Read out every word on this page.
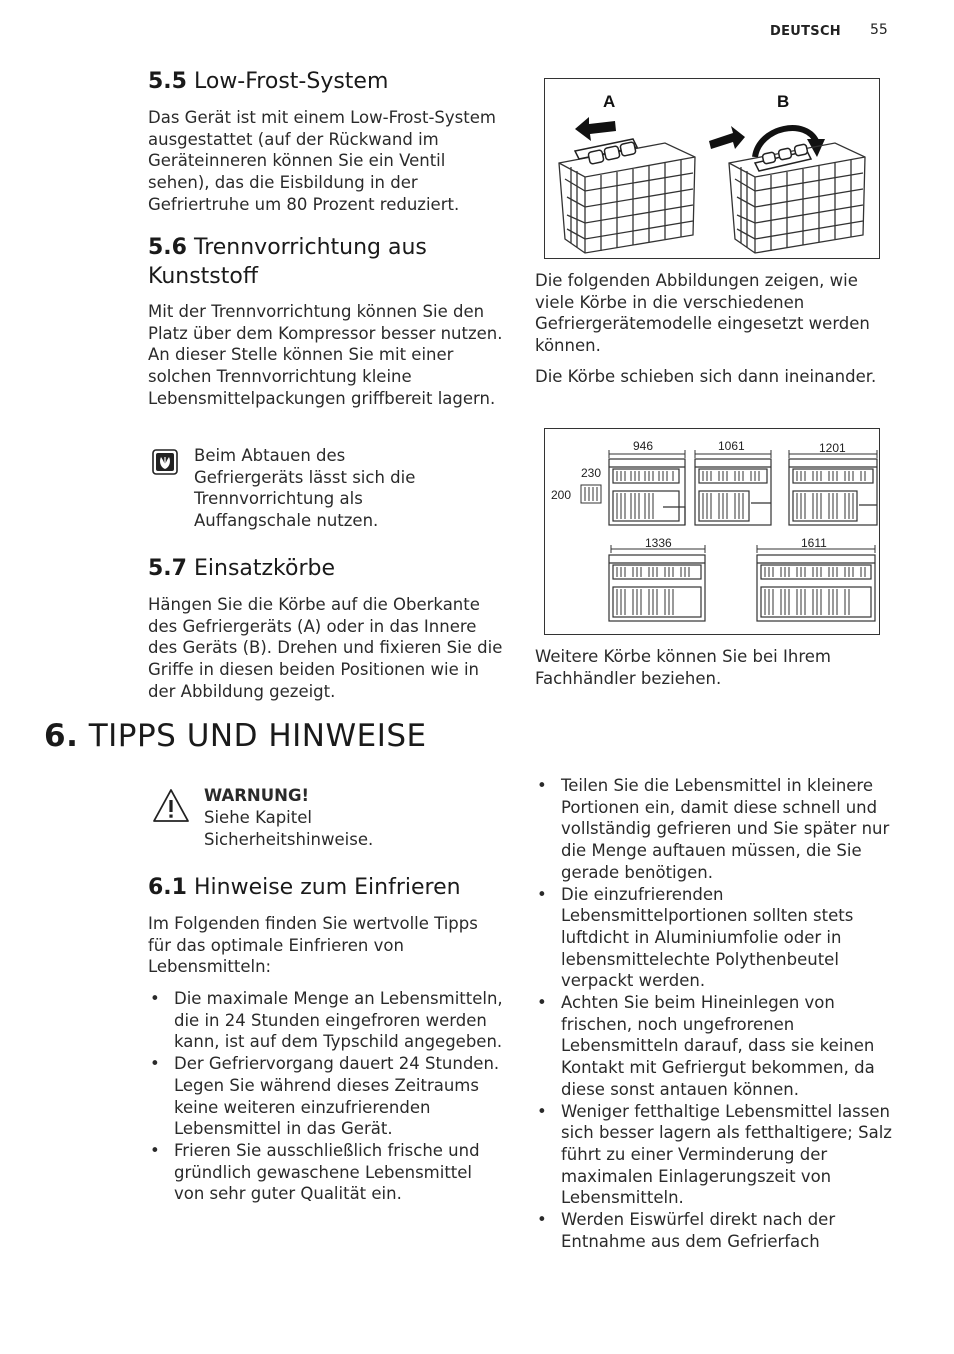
DEUTSCH 55
5.5 Low-Frost-System
Das Gerät ist mit einem Low-Frost-System ausgestattet (auf der Rückwand im Geräteinneren können Sie ein Ventil sehen), das die Eisbildung in der Gefriertruhe um 80 Prozent reduziert.
5.6 Trennvorrichtung aus Kunststoff
Mit der Trennvorrichtung können Sie den Platz über dem Kompressor besser nutzen. An dieser Stelle können Sie mit einer solchen Trennvorrichtung kleine Lebensmittelpackungen griffbereit lagern.
Beim Abtauen des Gefriergeräts lässt sich die Trennvorrichtung als Auffangschale nutzen.
5.7 Einsatzkörbe
Hängen Sie die Körbe auf die Oberkante des Gefriergeräts (A) oder in das Innere des Geräts (B). Drehen und fixieren Sie die Griffe in diesen beiden Positionen wie in der Abbildung gezeigt.
A	B
Die folgenden Abbildungen zeigen, wie viele Körbe in die verschiedenen Gefriergerätemodelle eingesetzt werden können.
Die Körbe schieben sich dann ineinander.
946	1061	1201
1336	1611
230
200
Weitere Körbe können Sie bei Ihrem Fachhändler beziehen.
6. TIPPS UND HINWEISE
WARNUNG!
Siehe Kapitel Sicherheitshinweise.
6.1 Hinweise zum Einfrieren
Im Folgenden finden Sie wertvolle Tipps für das optimale Einfrieren von Lebensmitteln:
• Die maximale Menge an Lebensmitteln, die in 24 Stunden eingefroren werden kann, ist auf dem Typschild angegeben.
• Der Gefriervorgang dauert 24 Stunden. Legen Sie während dieses Zeitraums keine weiteren einzufrierenden Lebensmittel in das Gerät.
• Frieren Sie ausschließlich frische und gründlich gewaschene Lebensmittel von sehr guter Qualität ein.
• Teilen Sie die Lebensmittel in kleinere Portionen ein, damit diese schnell und vollständig gefrieren und Sie später nur die Menge auftauen müssen, die Sie gerade benötigen.
• Die einzufrierenden Lebensmittelportionen sollten stets luftdicht in Aluminiumfolie oder in lebensmittelechte Polythenbeutel verpackt werden.
• Achten Sie beim Hineinlegen von frischen, noch ungefrorenen Lebensmitteln darauf, dass sie keinen Kontakt mit Gefriergut bekommen, da diese sonst antauen können.
• Weniger fetthaltige Lebensmittel lassen sich besser lagern als fetthaltigere; Salz führt zu einer Verminderung der maximalen Einlagerungszeit von Lebensmitteln.
• Werden Eiswürfel direkt nach der Entnahme aus dem Gefrierfach
